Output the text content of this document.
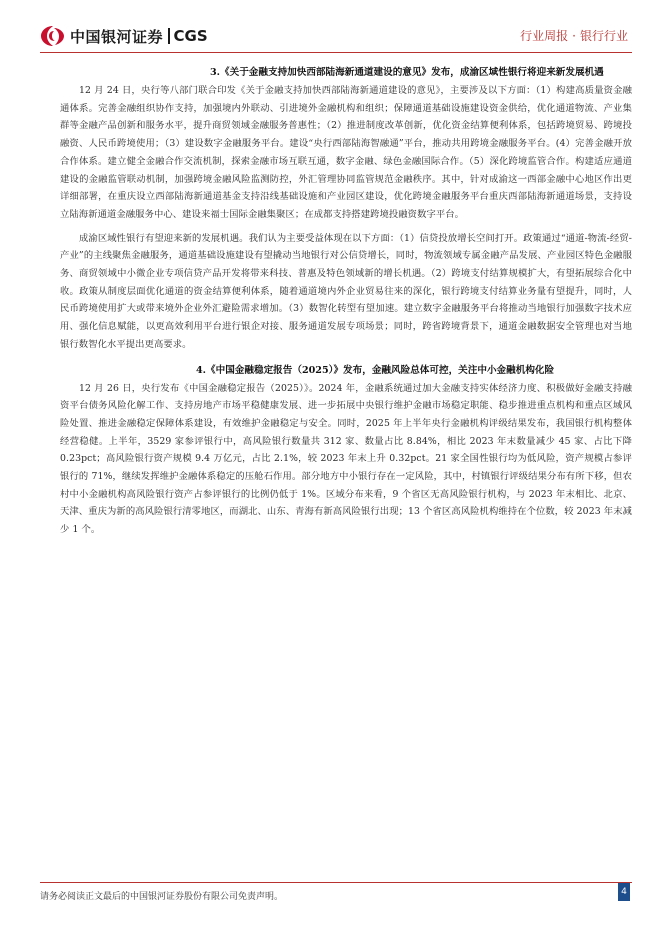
中国银河证券 CGS	行业周报 · 银行行业

3.《关于金融支持加快西部陆海新通道建设的意见》发布，成渝区域性银行将迎来新发展机遇

12 月 24 日，央行等八部门联合印发《关于金融支持加快西部陆海新通道建设的意见》，主要涉及以下方面：（1）构建高质量资金融通体系。完善金融组织协作支持，加强境内外联动、引进境外金融机构和组织；保障通道基础设施建设资金供给，优化通道物流、产业集群等金融产品创新和服务水平，提升商贸领域金融服务普惠性；（2）推进制度改革创新，优化资金结算便利体系，包括跨境贸易、跨境投融资、人民币跨境使用；（3）建设数字金融服务平台。建设“央行西部陆海智融通”平台，推动共用跨境金融服务平台。(4）完善金融开放合作体系。建立健全金融合作交流机制，探索金融市场互联互通，数字金融、绿色金融国际合作。（5）深化跨境监管合作。构建适应通道建设的金融监管联动机制，加强跨境金融风险监测防控，外汇管理协同监管规范金融秩序。其中，针对成渝这一西部金融中心地区作出更详细部署，在重庆设立西部陆海新通道基金支持沿线基础设施和产业园区建设，优化跨境金融服务平台重庆西部陆海新通道场景，支持设立陆海新通道金融服务中心、建设来福士国际金融集聚区；在成都支持搭建跨境投融资数字平台。

成渝区域性银行有望迎来新的发展机遇。我们认为主要受益体现在以下方面：（1）信贷投放增长空间打开。政策通过“通道-物流-经贸-产业”的主线聚焦金融服务，通道基础设施建设有望撬动当地银行对公信贷增长，同时，物流领域专属金融产品发展、产业园区特色金融服务、商贸领域中小微企业专项信贷产品开发将带来科技、普惠及特色领域新的增长机遇。（2）跨境支付结算规模扩大，有望拓展综合化中收。政策从制度层面优化通道的资金结算便利体系，随着通道境内外企业贸易往来的深化，银行跨境支付结算业务量有望提升，同时，人民币跨境使用扩大或带来境外企业外汇避险需求增加。（3）数智化转型有望加速。建立数字金融服务平台将推动当地银行加强数字技术应用、强化信息赋能，以更高效利用平台进行银企对接、服务通道发展专项场景；同时，跨省跨境背景下，通道金融数据安全管理也对当地银行数智化水平提出更高要求。

4.《中国金融稳定报告（2025）》发布，金融风险总体可控，关注中小金融机构化险

12 月 26 日，央行发布《中国金融稳定报告（2025）》。2024 年，金融系统通过加大金融支持实体经济力度、积极做好金融支持融资平台债务风险化解工作、支持房地产市场平稳健康发展、进一步拓展中央银行维护金融市场稳定职能、稳步推进重点机构和重点区域风险处置、推进金融稳定保障体系建设，有效维护金融稳定与安全。同时，2025 年上半年央行金融机构评级结果发布，我国银行机构整体经营稳健。上半年，3529 家参评银行中，高风险银行数量共 312 家、数量占比 8.84%，相比 2023 年末数量减少 45 家、占比下降 0.23pct；高风险银行资产规模 9.4 万亿元，占比 2.1%，较 2023 年末上升 0.32pct。21 家全国性银行均为低风险，资产规模占参评银行的 71%，继续发挥维护金融体系稳定的压舱石作用。部分地方中小银行存在一定风险，其中，村镇银行评级结果分布有所下移，但农村中小金融机构高风险银行资产占参评银行的比例仍低于 1%。区域分布来看，9 个省区无高风险银行机构，与 2023 年末相比、北京、天津、重庆为新的高风险银行清零地区，而湖北、山东、青海有新高风险银行出现；13 个省区高风险机构维持在个位数，较 2023 年末减少 1 个。

请务必阅读正文最后的中国银河证券股份有限公司免责声明。	4
